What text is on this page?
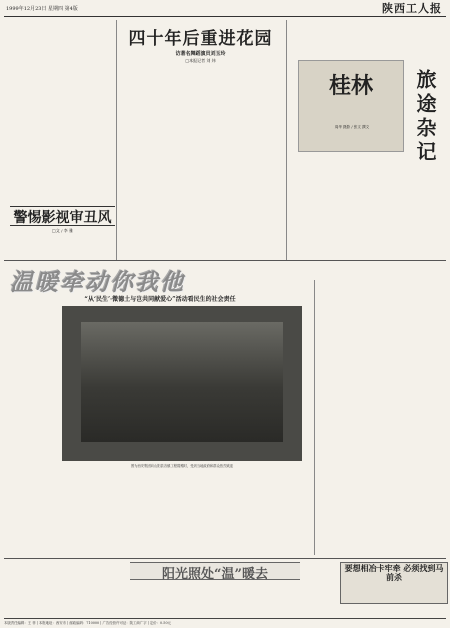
1999年12月23日 星期四 第4版	陕西工人报
四十年后重进花园
访著名舞蹈演员刘玉玲
□本报记者 刘 炜
警惕影视审丑风
□文 / 李 雅
桂林
周华 摄影 / 张文 撰文	旅途杂记
温暖牵动你我他
“从‘民生’·微德土与岂共同献爱心”活动看民生的社会责任
图为西安集团向山阳县各镇工程捐赠时，受到当地政府和群众热烈欢迎
阳光照处“温”暖去	要想相冶卡牢牵 必须找到马前杀
本版责任编辑：王 菲 | 本报地址：西安市 | 邮政编码：710000 | 广告经营许可证：陕工商广字 | 定价：0.50元
